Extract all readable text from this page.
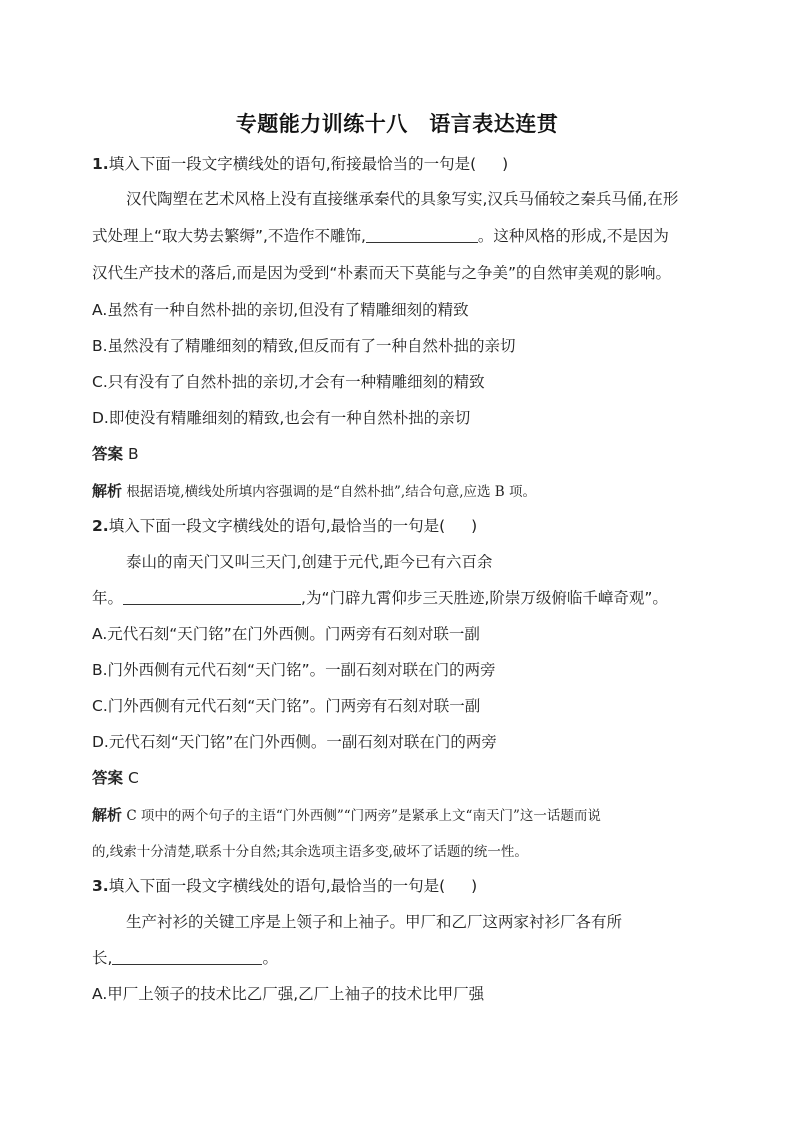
专题能力训练十八　语言表达连贯
1.填入下面一段文字横线处的语句,衔接最恰当的一句是( )
汉代陶塑在艺术风格上没有直接继承秦代的具象写实,汉兵马俑较之秦兵马俑,在形
式处理上“取大势去繁缛”,不造作不雕饰,	。这种风格的形成,不是因为
汉代生产技术的落后,而是因为受到“朴素而天下莫能与之争美”的自然审美观的影响。
A.虽然有一种自然朴拙的亲切,但没有了精雕细刻的精致
B.虽然没有了精雕细刻的精致,但反而有了一种自然朴拙的亲切
C.只有没有了自然朴拙的亲切,才会有一种精雕细刻的精致
D.即使没有精雕细刻的精致,也会有一种自然朴拙的亲切
答案 B
解析 根据语境,横线处所填内容强调的是“自然朴拙”,结合句意,应选 B 项。
2.填入下面一段文字横线处的语句,最恰当的一句是( )
泰山的南天门又叫三天门,创建于元代,距今已有六百余
年。	,为“门辟九霄仰步三天胜迹,阶崇万级俯临千嶂奇观”。
A.元代石刻“天门铭”在门外西侧。门两旁有石刻对联一副
B.门外西侧有元代石刻“天门铭”。一副石刻对联在门的两旁
C.门外西侧有元代石刻“天门铭”。门两旁有石刻对联一副
D.元代石刻“天门铭”在门外西侧。一副石刻对联在门的两旁
答案 C
解析 C 项中的两个句子的主语“门外西侧”“门两旁”是紧承上文“南天门”这一话题而说
的,线索十分清楚,联系十分自然;其余选项主语多变,破坏了话题的统一性。
3.填入下面一段文字横线处的语句,最恰当的一句是( )
生产衬衫的关键工序是上领子和上袖子。甲厂和乙厂这两家衬衫厂各有所
长,	。
A.甲厂上领子的技术比乙厂强,乙厂上袖子的技术比甲厂强
